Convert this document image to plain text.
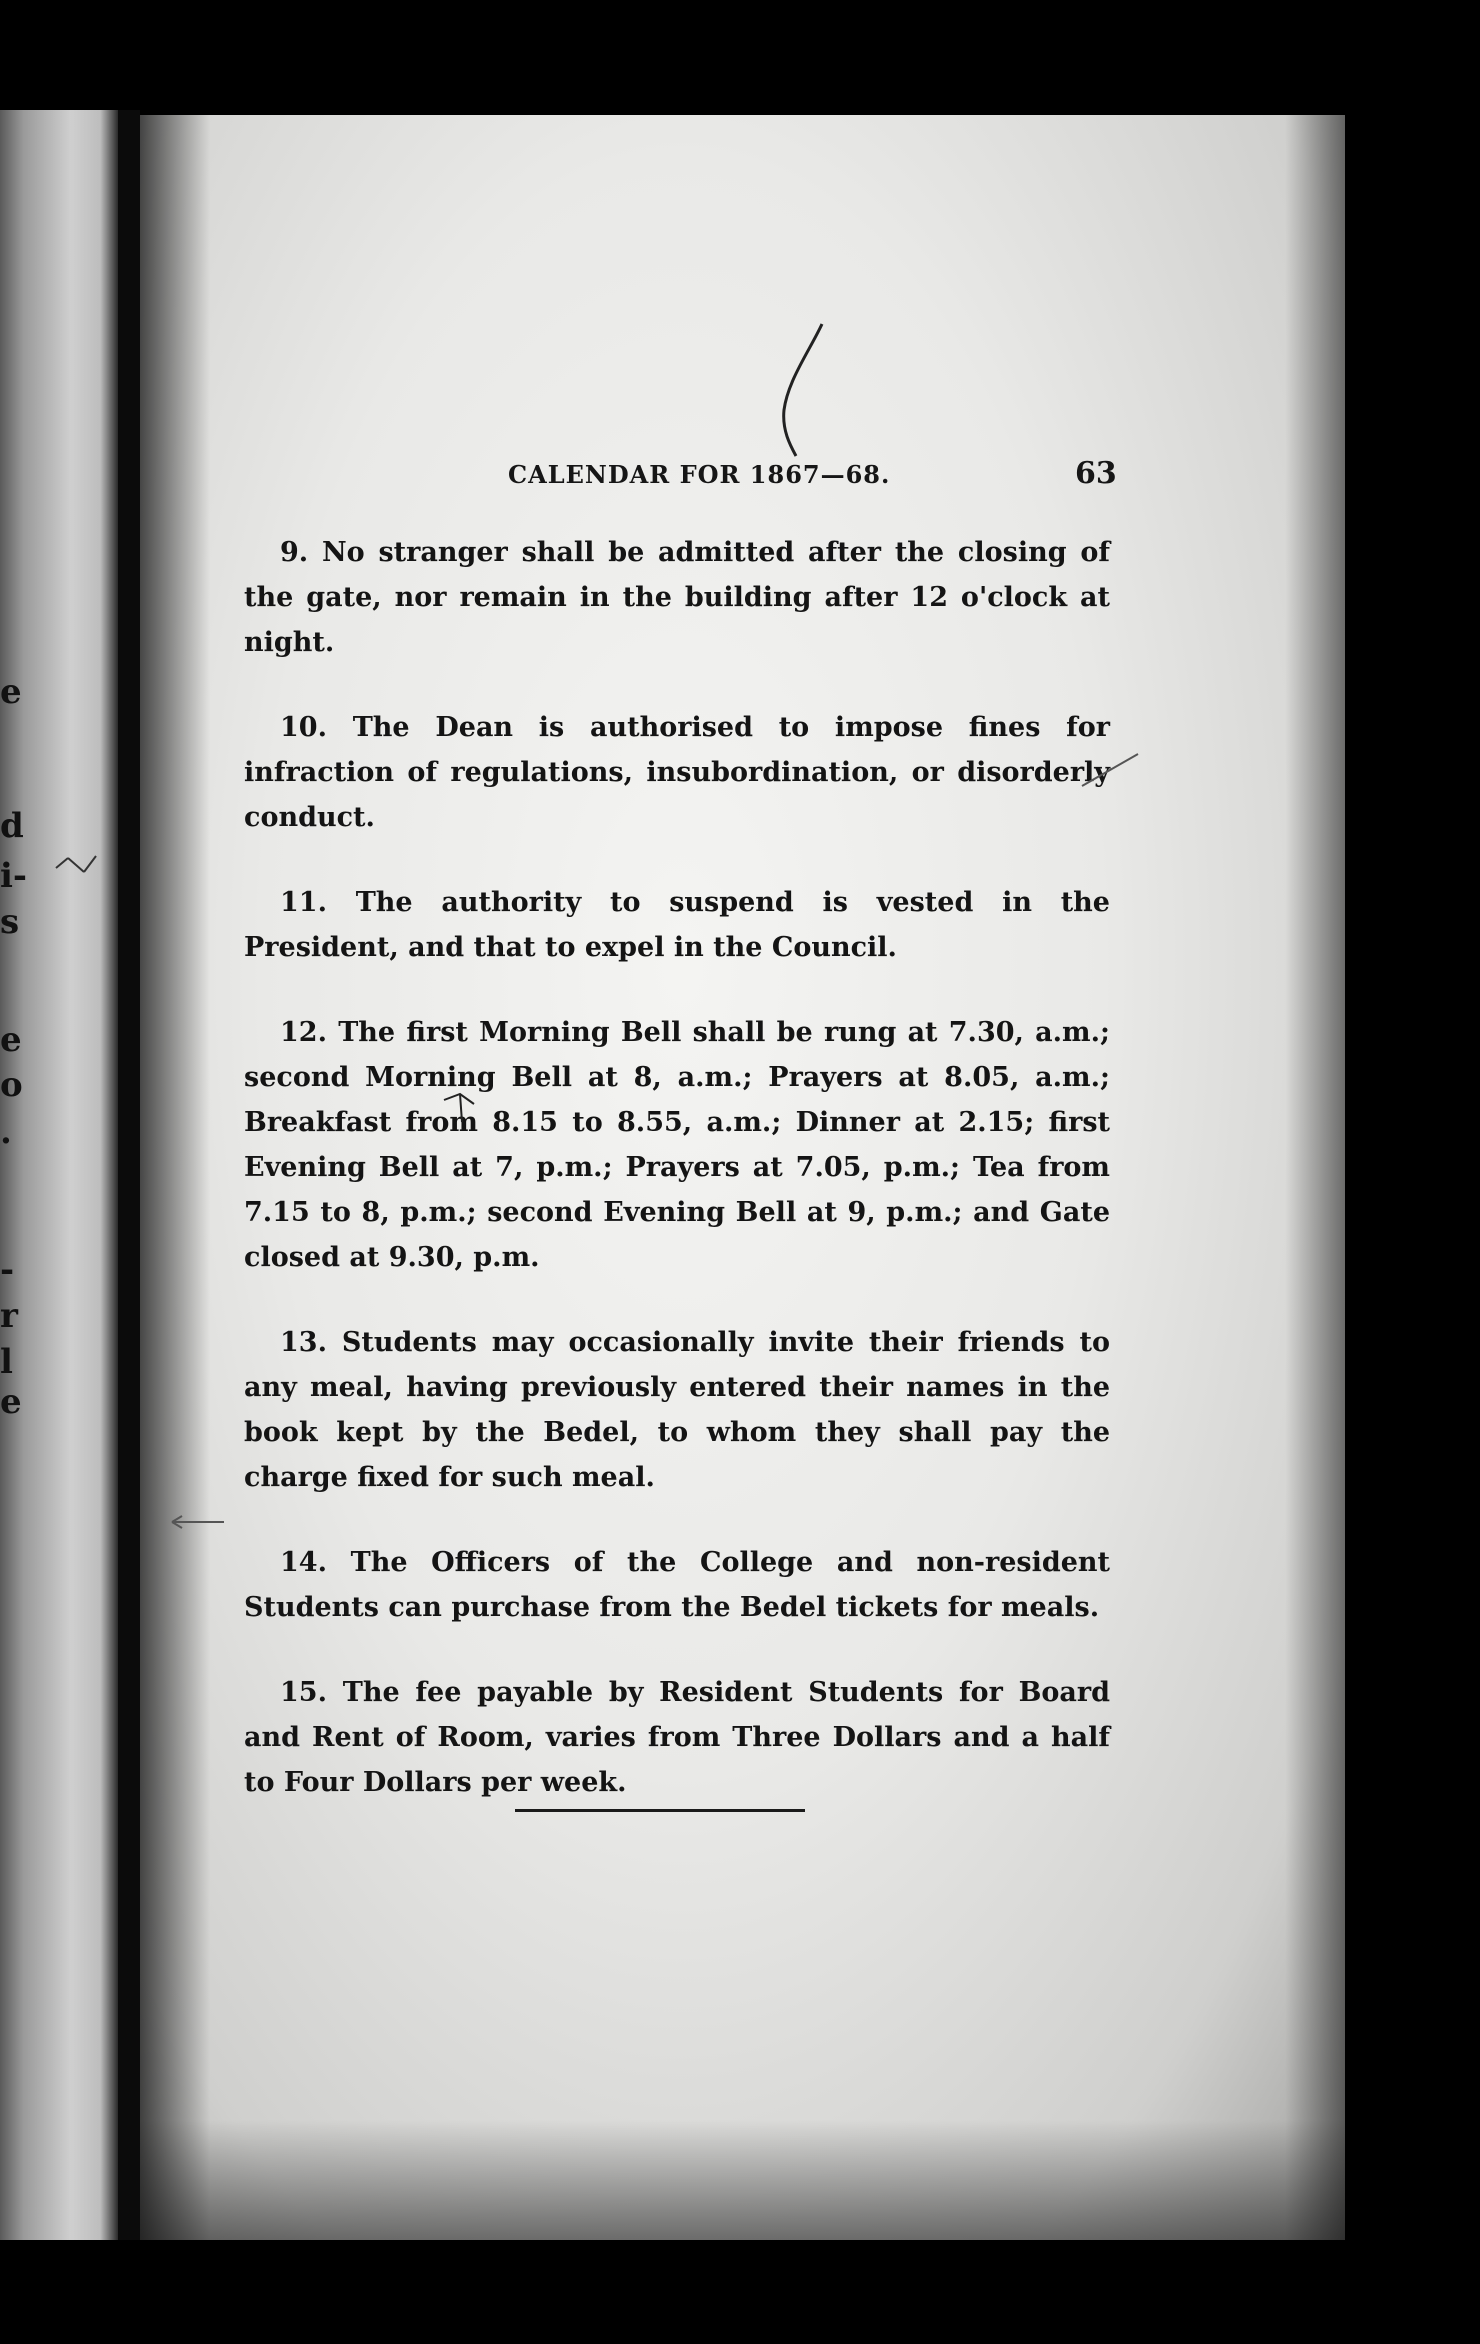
e
d
i-
s
e
o
.
-
r
l
e
CALENDAR FOR 1867—68.	63

9. No stranger shall be admitted after the closing of the gate, nor remain in the building after 12 o'clock at night.

10. The Dean is authorised to impose fines for infraction of regulations, insubordination, or disorderly conduct.

11. The authority to suspend is vested in the President, and that to expel in the Council.

12. The first Morning Bell shall be rung at 7.30, a.m.; second Morning Bell at 8, a.m.; Prayers at 8.05, a.m.; Breakfast from 8.15 to 8.55, a.m.; Dinner at 2.15; first Evening Bell at 7, p.m.; Prayers at 7.05, p.m.; Tea from 7.15 to 8, p.m.; second Evening Bell at 9, p.m.; and Gate closed at 9.30, p.m.

13. Students may occasionally invite their friends to any meal, having previously entered their names in the book kept by the Bedel, to whom they shall pay the charge fixed for such meal.

14. The Officers of the College and non-resident Students can purchase from the Bedel tickets for meals.

15. The fee payable by Resident Students for Board and Rent of Room, varies from Three Dollars and a half to Four Dollars per week.
